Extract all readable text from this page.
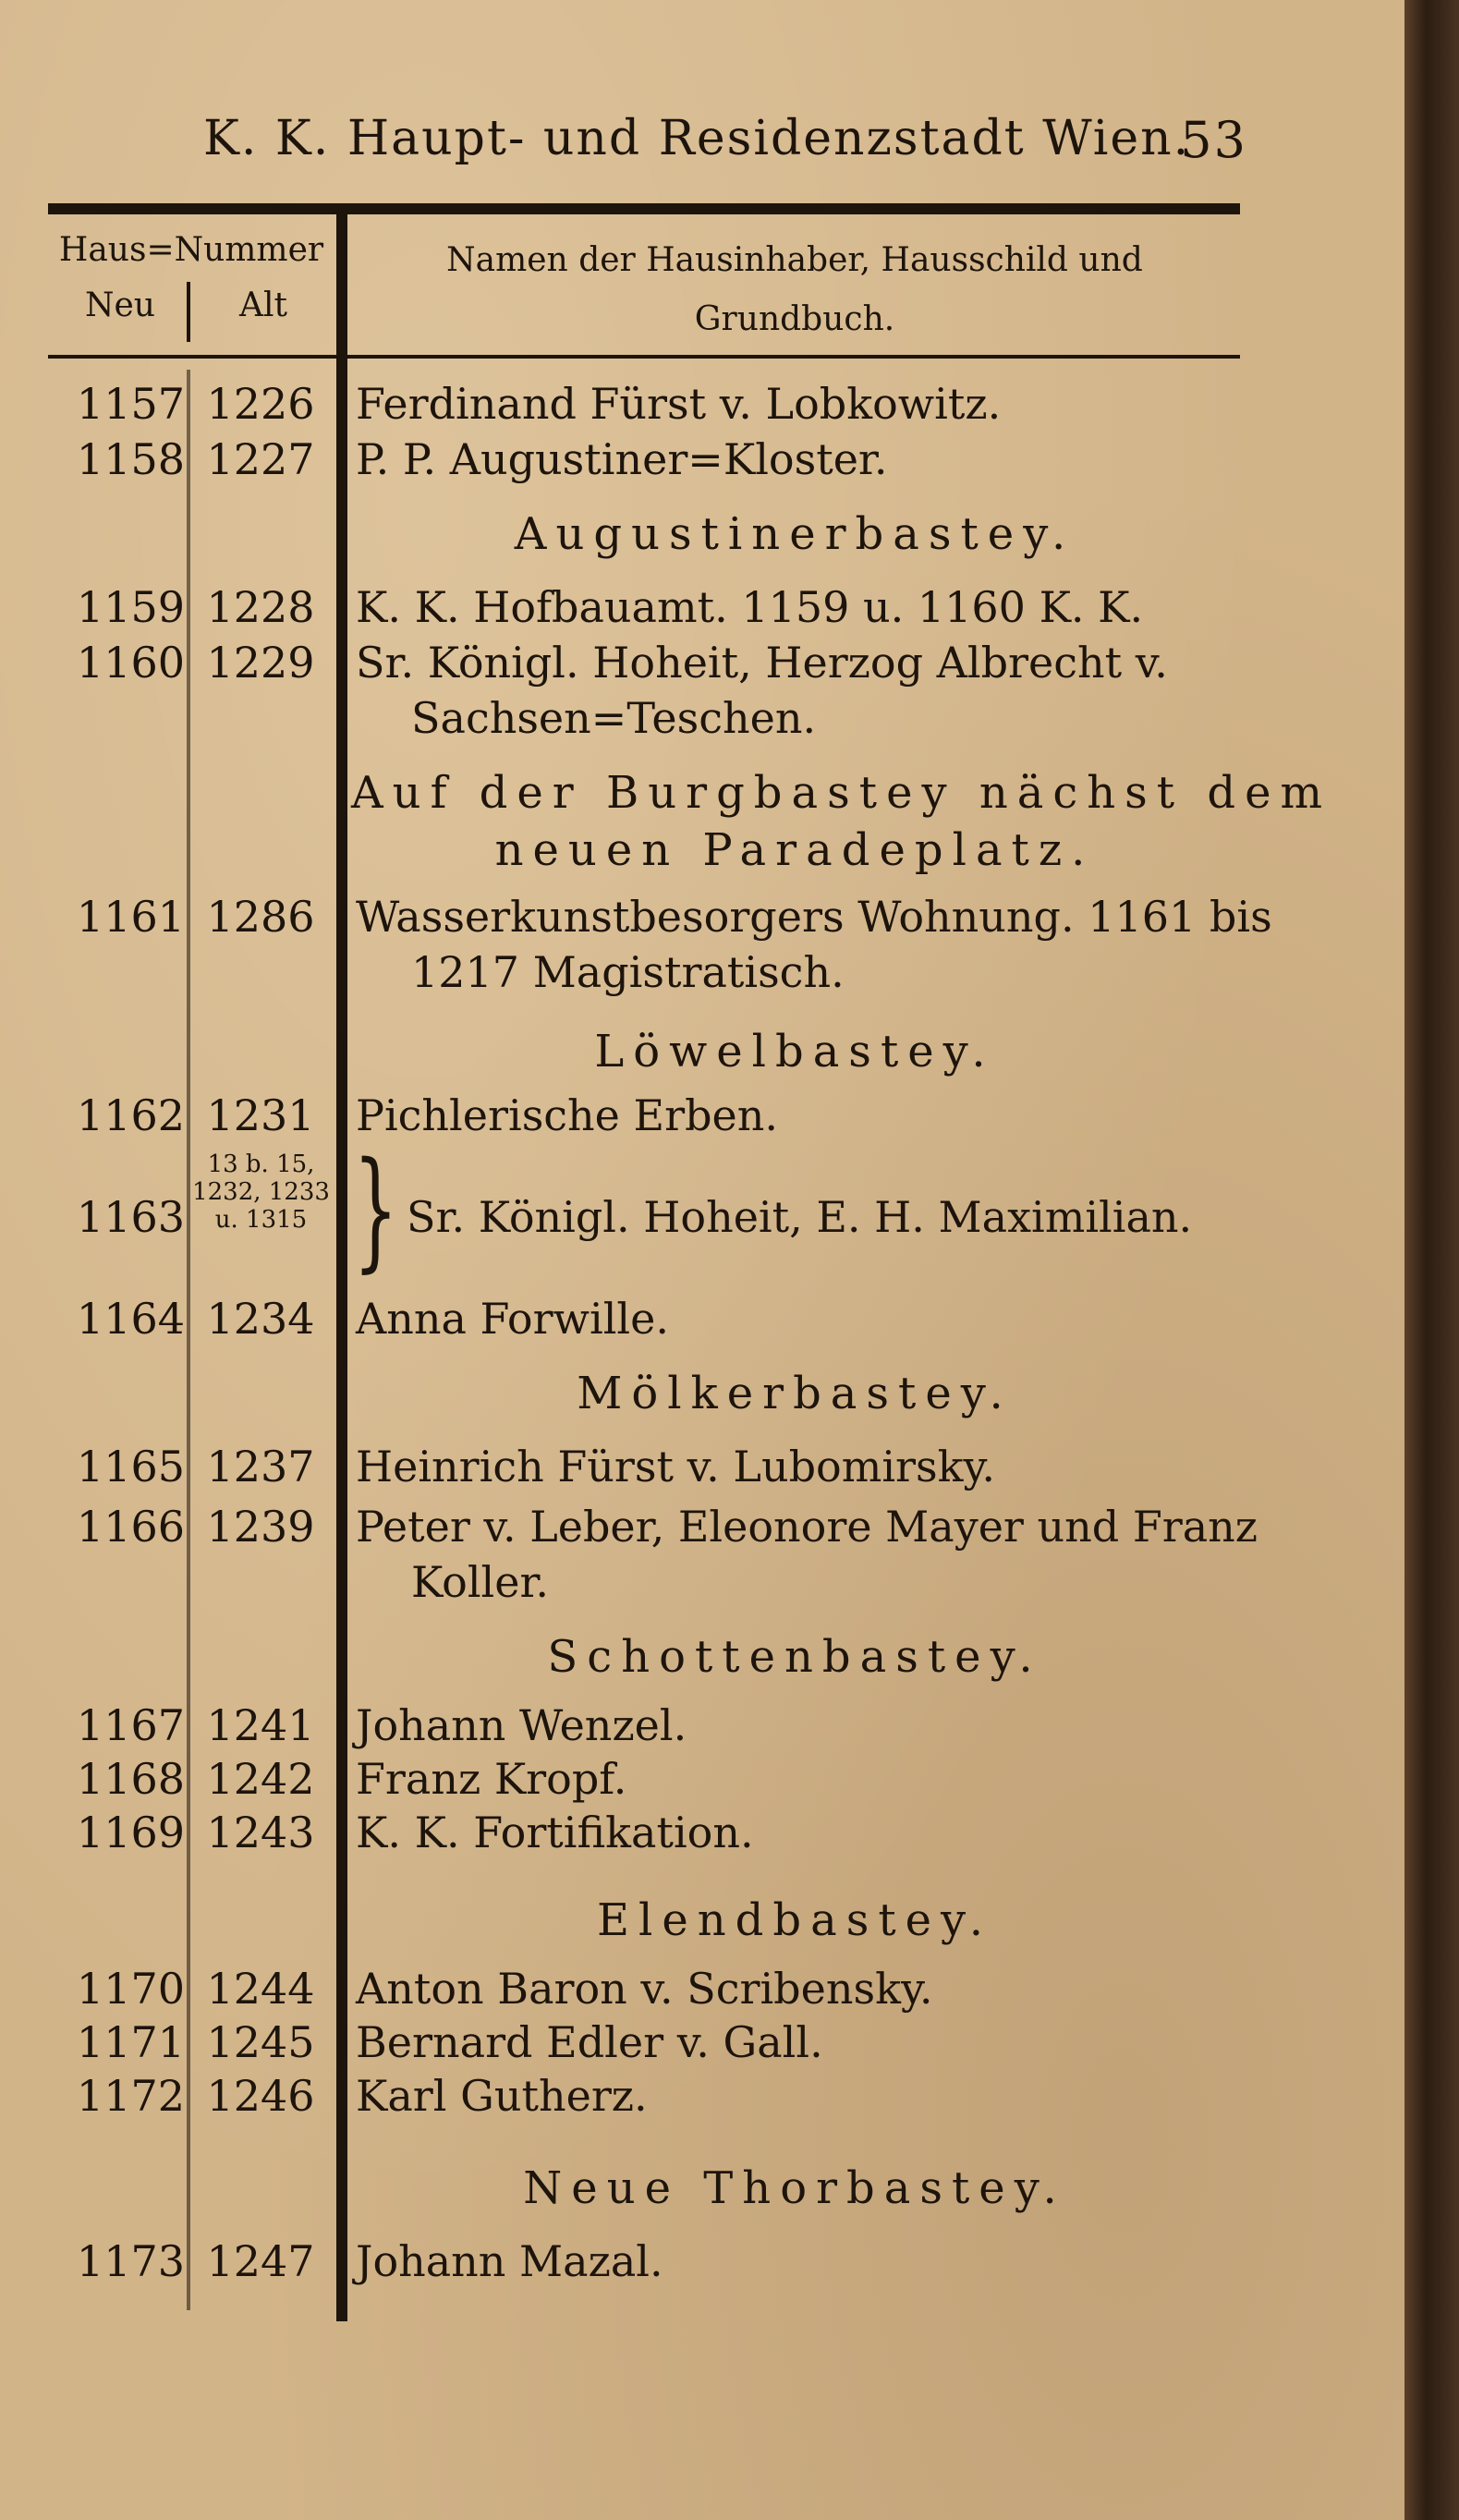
K. K. Haupt- und Residenzstadt Wien.
53
Haus=Nummer
Neu	Alt
Namen der Hausinhaber, Hausschild und
Grundbuch.
1157 1226 Ferdinand Fürst v. Lobkowitz.
1158 1227 P. P. Augustiner=Kloster.
Augustinerbastey.
1159 1228 K. K. Hofbauamt. 1159 u. 1160 K. K.
1160 1229 Sr. Königl. Hoheit, Herzog Albrecht v.
Sachsen=Teschen.
Auf der Burgbastey nächst dem
neuen Paradeplatz.
1161 1286 Wasserkunstbesorgers Wohnung. 1161 bis
1217 Magistratisch.
Löwelbastey.
1162 1231 Pichlerische Erben.
1163	Sr. Königl. Hoheit, E. H. Maximilian.
13 b. 15, 1232, 1233 u. 1315 }
1164 1234 Anna Forwille.
Mölkerbastey.
1165 1237 Heinrich Fürst v. Lubomirsky.
1166 1239 Peter v. Leber, Eleonore Mayer und Franz
Koller.
Schottenbastey.
1167 1241 Johann Wenzel.
1168 1242 Franz Kropf.
1169 1243 K. K. Fortifikation.
Elendbastey.
1170 1244 Anton Baron v. Scribensky.
1171 1245 Bernard Edler v. Gall.
1172 1246 Karl Gutherz.
Neue Thorbastey.
1173 1247 Johann Mazal.
